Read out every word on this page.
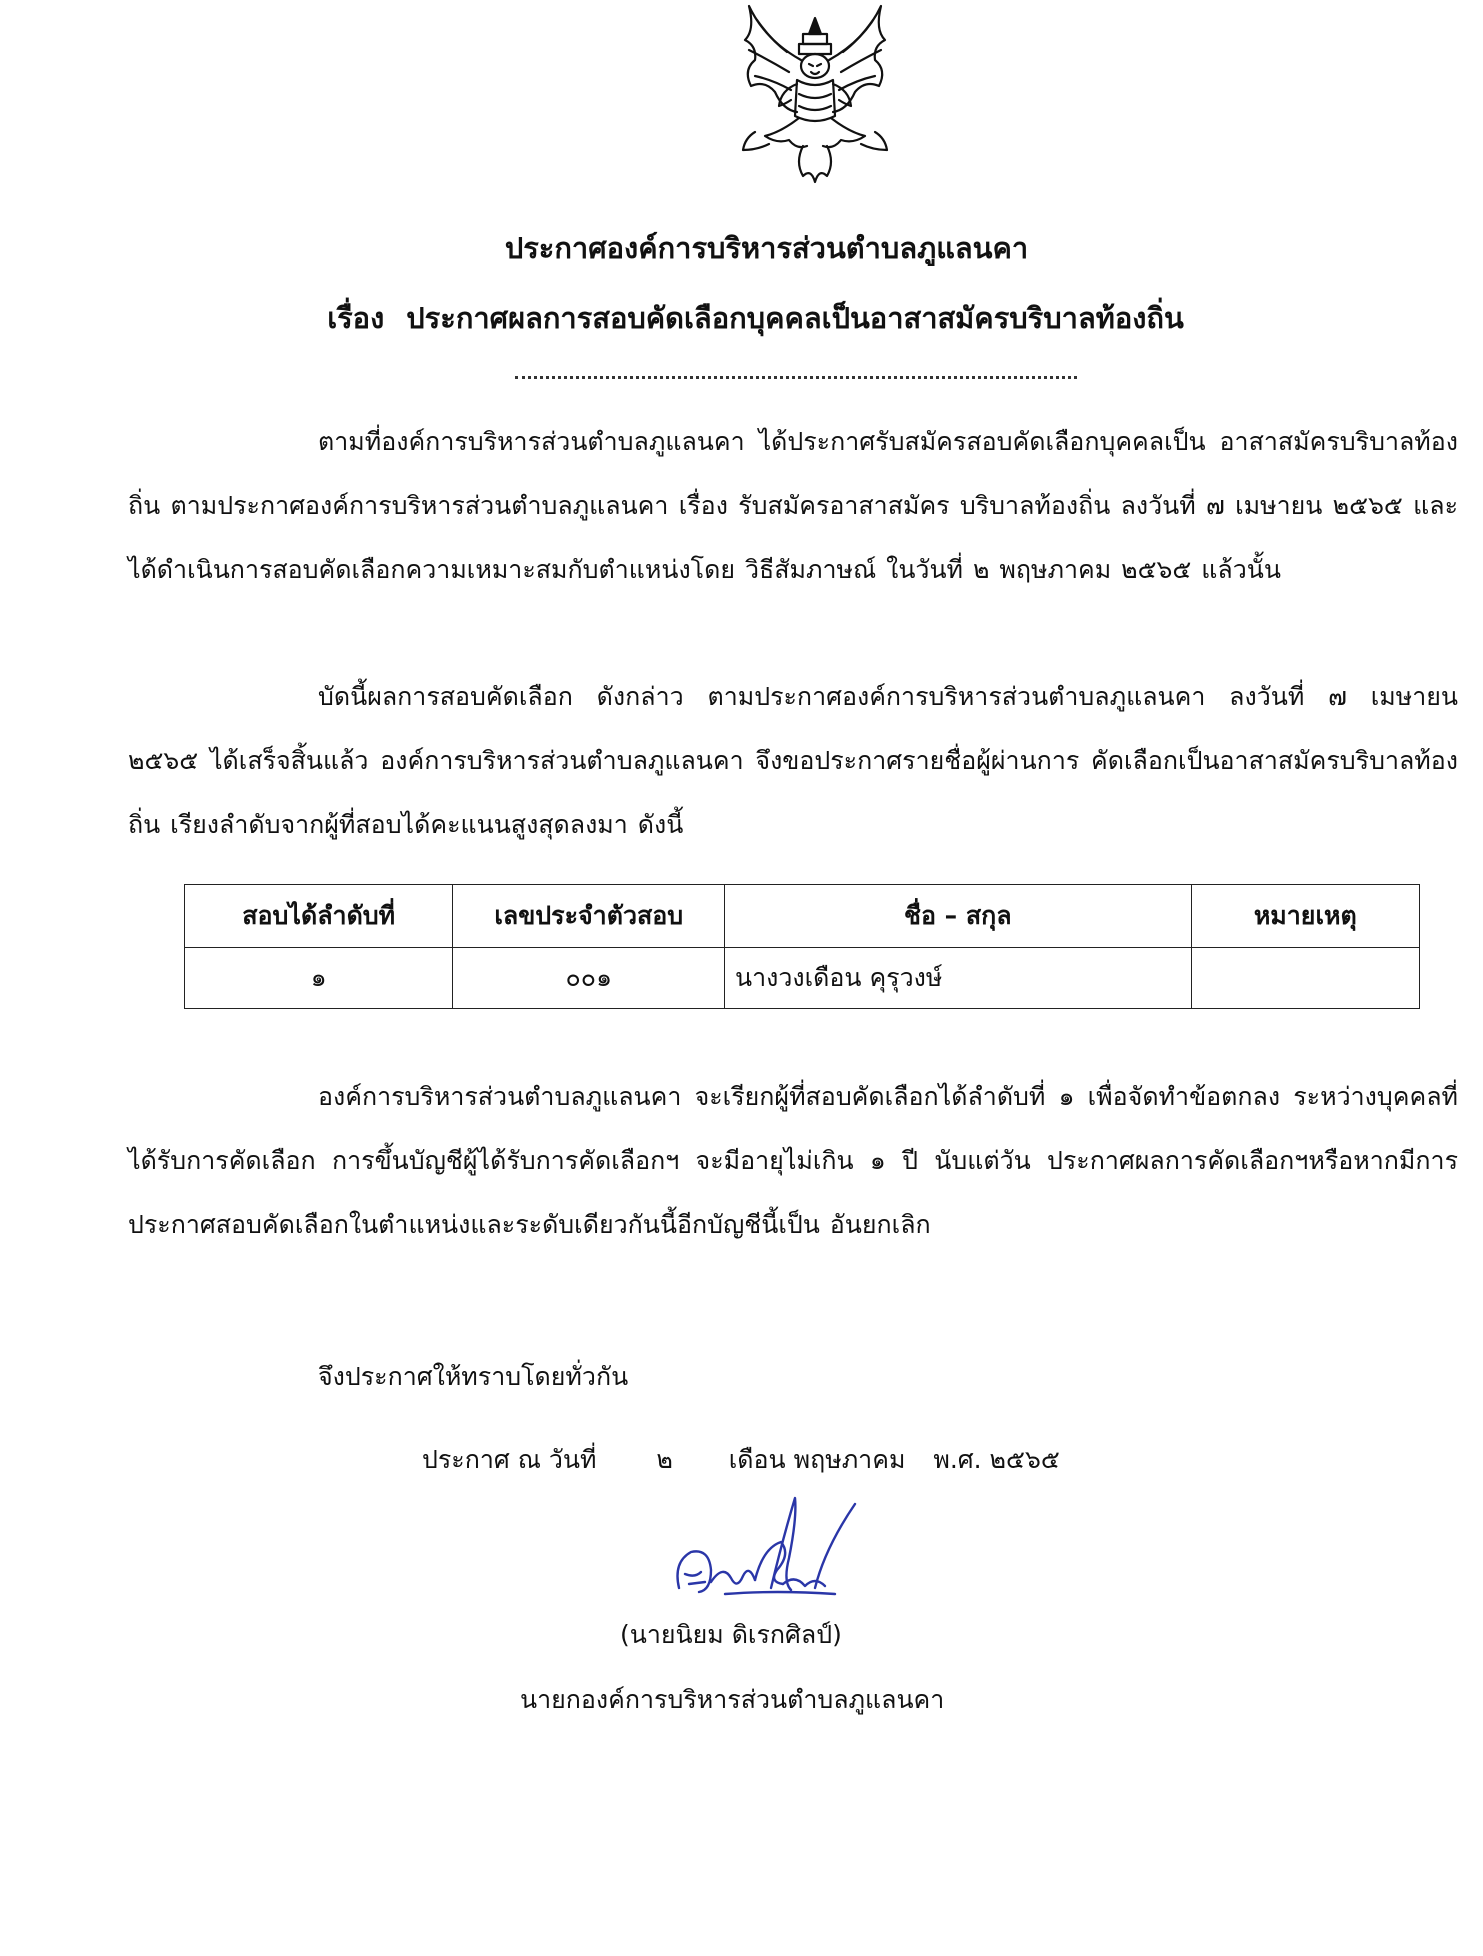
ประกาศองค์การบริหารส่วนตำบลภูแลนคา
เรื่อง ประกาศผลการสอบคัดเลือกบุคคลเป็นอาสาสมัครบริบาลท้องถิ่น
ตามที่องค์การบริหารส่วนตำบลภูแลนคา ได้ประกาศรับสมัครสอบคัดเลือกบุคคลเป็น อาสาสมัครบริบาลท้องถิ่น ตามประกาศองค์การบริหารส่วนตำบลภูแลนคา เรื่อง รับสมัครอาสาสมัคร บริบาลท้องถิ่น ลงวันที่ ๗ เมษายน ๒๕๖๕ และได้ดำเนินการสอบคัดเลือกความเหมาะสมกับตำแหน่งโดย วิธีสัมภาษณ์ ในวันที่ ๒ พฤษภาคม ๒๕๖๕ แล้วนั้น
บัดนี้ผลการสอบคัดเลือก ดังกล่าว ตามประกาศองค์การบริหารส่วนตำบลภูแลนคา ลงวันที่ ๗ เมษายน ๒๕๖๕ ได้เสร็จสิ้นแล้ว องค์การบริหารส่วนตำบลภูแลนคา จึงขอประกาศรายชื่อผู้ผ่านการ คัดเลือกเป็นอาสาสมัครบริบาลท้องถิ่น เรียงลำดับจากผู้ที่สอบได้คะแนนสูงสุดลงมา ดังนี้
สอบได้ลำดับที่	เลขประจำตัวสอบ	ชื่อ – สกุล	หมายเหตุ
๑	๐๐๑	นางวงเดือน คุรุวงษ์	
องค์การบริหารส่วนตำบลภูแลนคา จะเรียกผู้ที่สอบคัดเลือกได้ลำดับที่ ๑ เพื่อจัดทำข้อตกลง ระหว่างบุคคลที่ได้รับการคัดเลือก การขึ้นบัญชีผู้ได้รับการคัดเลือกฯ จะมีอายุไม่เกิน ๑ ปี นับแต่วัน ประกาศผลการคัดเลือกฯหรือหากมีการประกาศสอบคัดเลือกในตำแหน่งและระดับเดียวกันนี้อีกบัญชีนี้เป็น อันยกเลิก
จึงประกาศให้ทราบโดยทั่วกัน
ประกาศ ณ วันที่ ๒ เดือน พฤษภาคม พ.ศ. ๒๕๖๕
(นายนิยม ดิเรกศิลป์)
นายกองค์การบริหารส่วนตำบลภูแลนคา
